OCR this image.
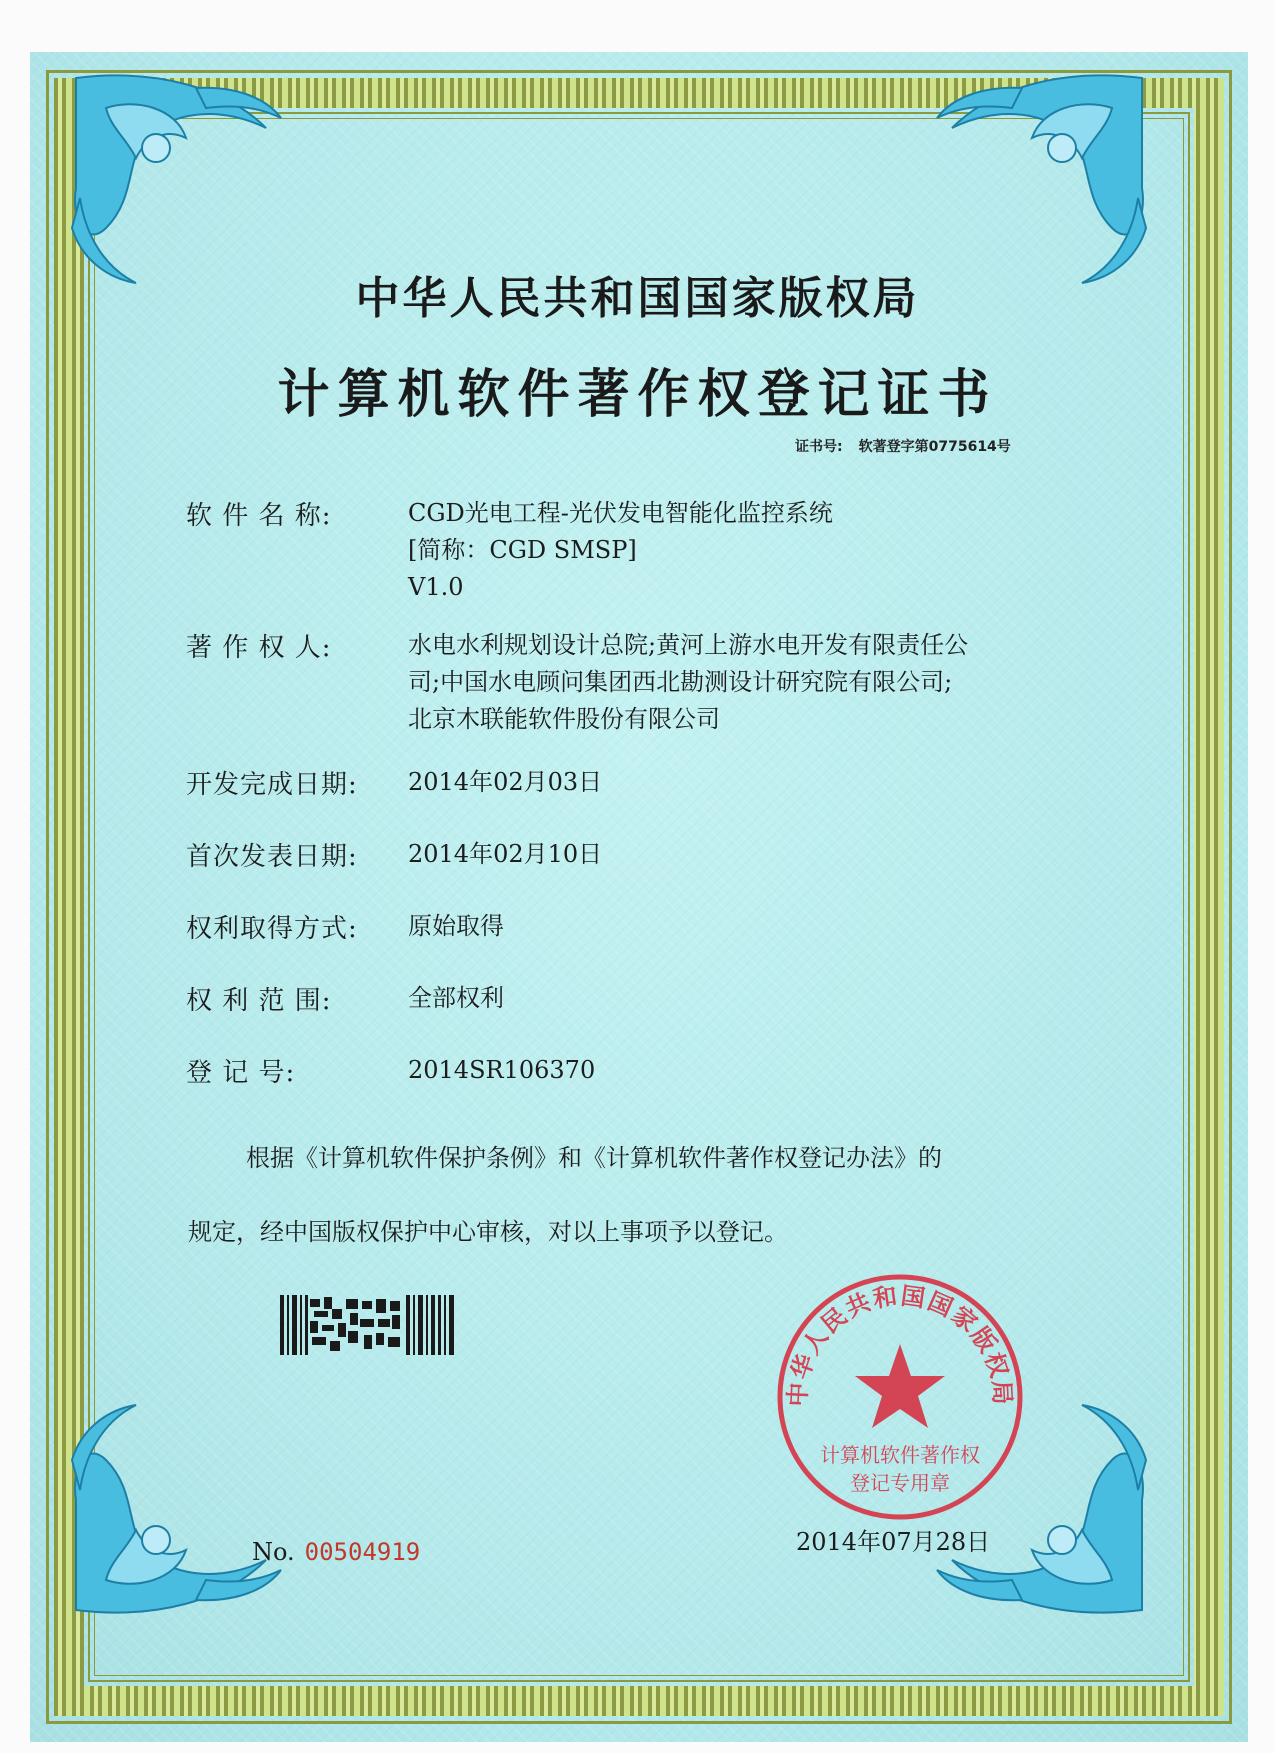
中华人民共和国国家版权局
计算机软件著作权登记证书
证书号: 软著登字第0775614号
软 件 名 称:	CGD光电工程-光伏发电智能化监控系统
[简称：CGD SMSP]
V1.0
著 作 权 人:	水电水利规划设计总院;黄河上游水电开发有限责任公
司;中国水电顾问集团西北勘测设计研究院有限公司;
北京木联能软件股份有限公司
开发完成日期: 2014年02月03日
首次发表日期: 2014年02月10日
权利取得方式: 原始取得
权 利 范 围:	全部权利
登 记 号:	2014SR106370
根据《计算机软件保护条例》和《计算机软件著作权登记办法》的
规定，经中国版权保护中心审核，对以上事项予以登记。
No. 00504919
中华人民共和国国家版权局
计算机软件著作权
登记专用章
2014年07月28日
